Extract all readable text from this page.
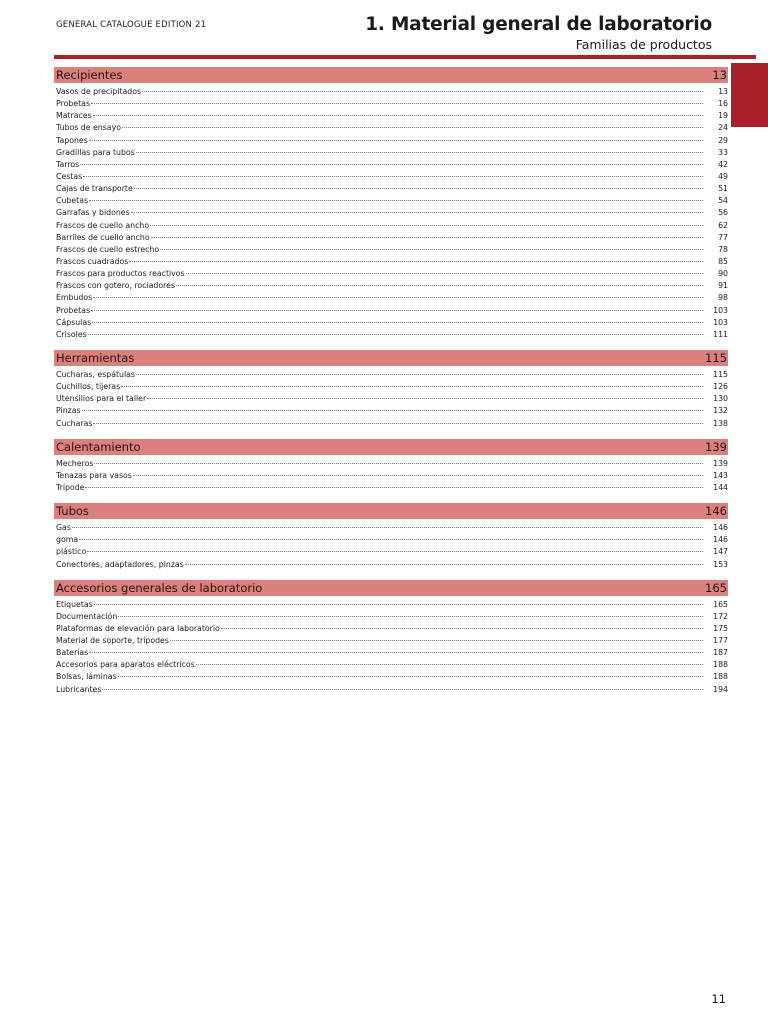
GENERAL CATALOGUE EDITION 21	1. Material general de laboratorio
Familias de productos
Recipientes	13
Vasos de precipitados	13
Probetas	16
Matraces	19
Tubos de ensayo	24
Tapones	29
Gradillas para tubos	33
Tarros	42
Cestas	49
Cajas de transporte	51
Cubetas	54
Garrafas y bidones	56
Frascos de cuello ancho	62
Barriles de cuello ancho	77
Frascos de cuello estrecho	78
Frascos cuadrados	85
Frascos para productos reactivos	90
Frascos con gotero, rociadores	91
Embudos	98
Probetas	103
Cápsulas	103
Crisoles	111
Herramientas	115
Cucharas, espátulas	115
Cuchillos, tijeras	126
Utensilios para el taller	130
Pinzas	132
Cucharas	138
Calentamiento	139
Mecheros	139
Tenazas para vasos	143
Trípode	144
Tubos	146
Gas	146
goma	146
plástico	147
Conectores, adaptadores, pinzas	153
Accesorios generales de laboratorio	165
Etiquetas	165
Documentación	172
Plataformas de elevación para laboratorio	175
Material de soporte, trípodes	177
Baterías	187
Accesorios para aparatos eléctricos	188
Bolsas, láminas	188
Lubricantes	194
11
